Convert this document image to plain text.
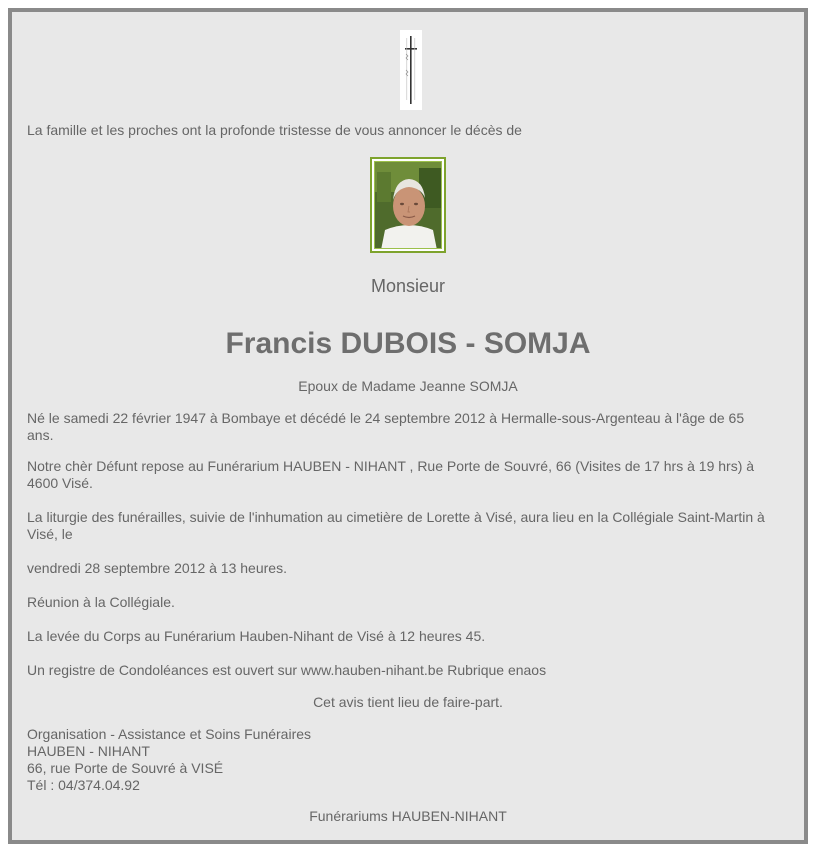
La famille et les proches ont la profonde tristesse de vous annoncer le décès de

Monsieur

Francis DUBOIS - SOMJA

Epoux de Madame Jeanne SOMJA

Né le samedi 22 février 1947 à Bombaye et décédé le 24 septembre 2012 à Hermalle-sous-Argenteau à l'âge de 65

ans.

Notre chèr Défunt repose au Funérarium HAUBEN - NIHANT , Rue Porte de Souvré, 66 (Visites de 17 hrs à 19 hrs) à

4600 Visé.

La liturgie des funérailles, suivie de l'inhumation au cimetière de Lorette à Visé, aura lieu en la Collégiale Saint-Martin à

Visé, le

vendredi 28 septembre 2012 à 13 heures.

Réunion à la Collégiale.

La levée du Corps au Funérarium Hauben-Nihant de Visé à 12 heures 45.

Un registre de Condoléances est ouvert sur www.hauben-nihant.be Rubrique enaos

Cet avis tient lieu de faire-part.

Organisation - Assistance et Soins Funéraires

HAUBEN - NIHANT

66, rue Porte de Souvré à VISÉ

Tél : 04/374.04.92

Funérariums HAUBEN-NIHANT
